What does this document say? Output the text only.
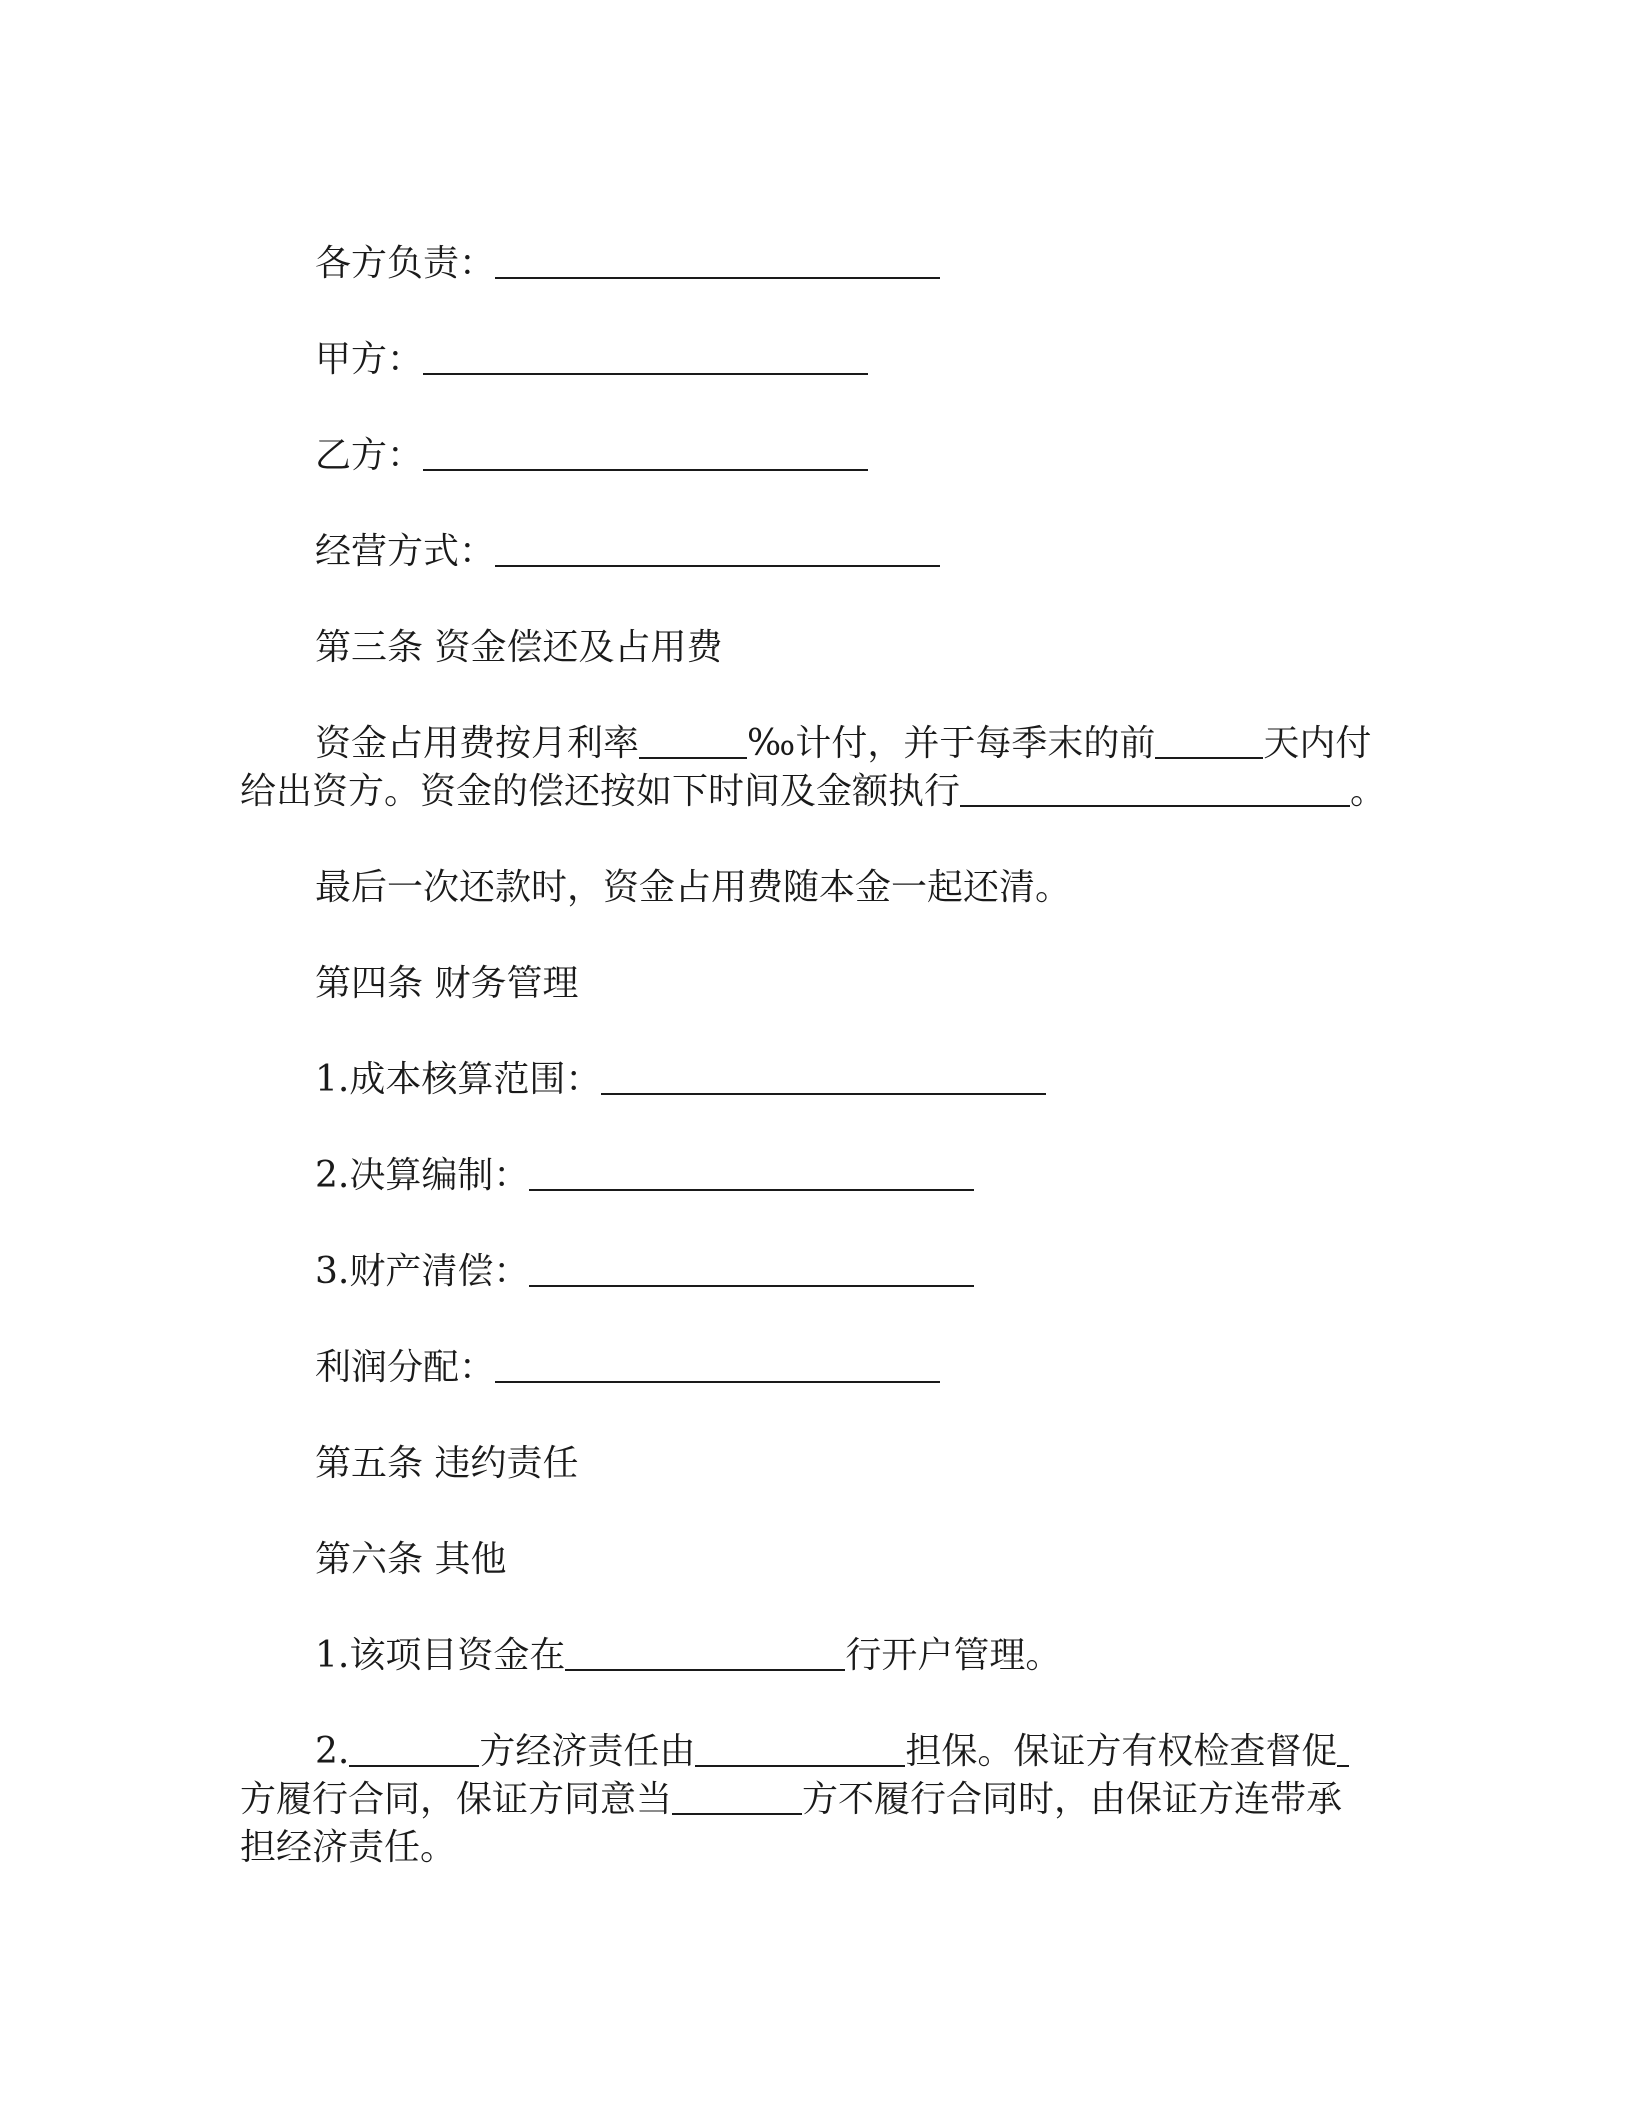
各方负责：
甲方：
乙方：
经营方式：
第三条 资金偿还及占用费
资金占用费按月利率	‰计付，并于每季末的前	天内付
给出资方。资金的偿还按如下时间及金额执行	。
最后一次还款时，资金占用费随本金一起还清。
第四条 财务管理
1.成本核算范围：
2.决算编制：
3.财产清偿：
利润分配：
第五条 违约责任
第六条 其他
1.该项目资金在	行开户管理。
2.	方经济责任由	担保。保证方有权检查督促
方履行合同，保证方同意当	方不履行合同时，由保证方连带承
担经济责任。
